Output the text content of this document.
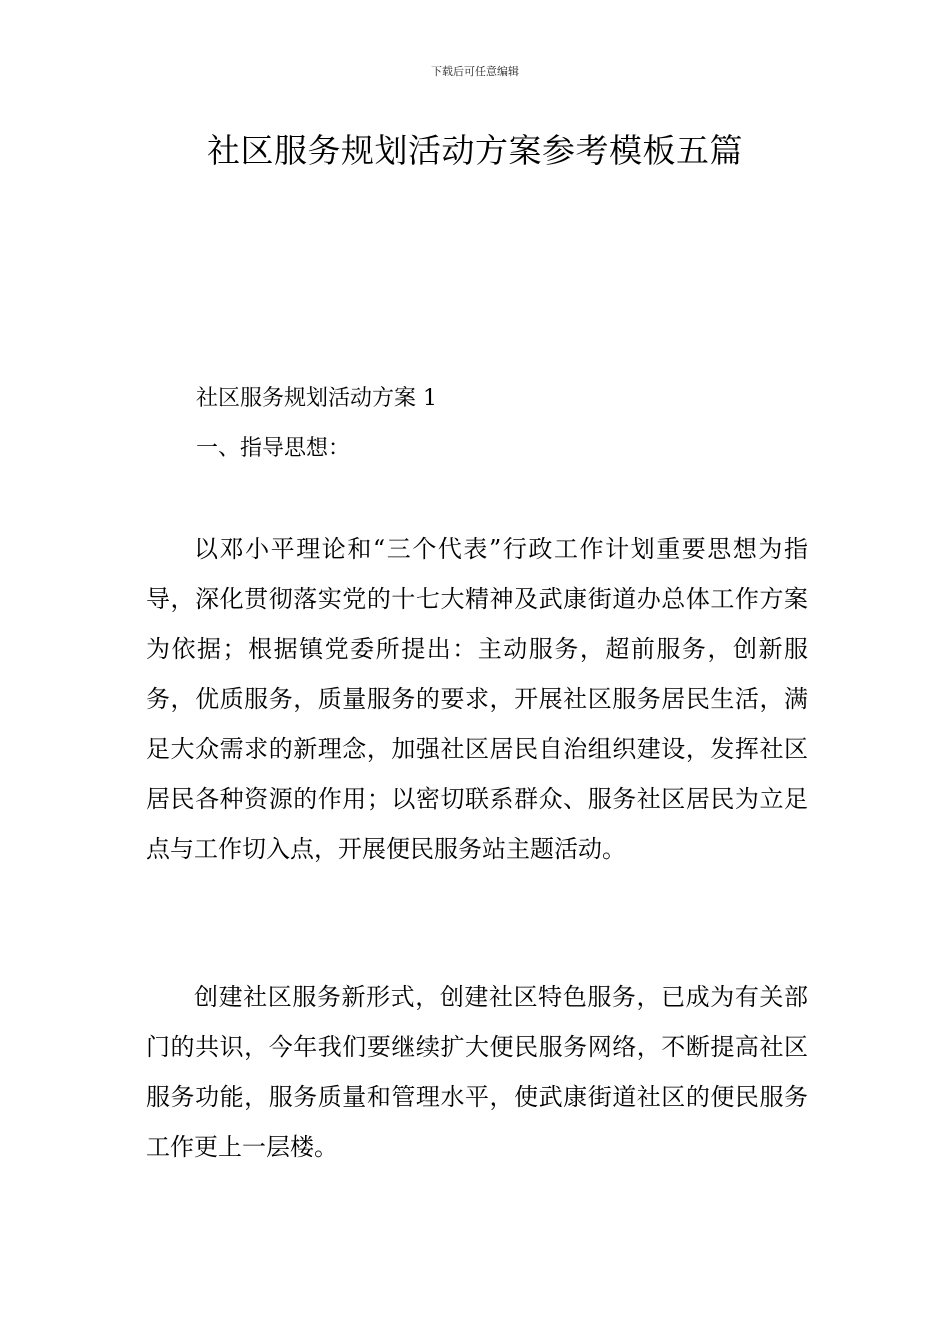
下载后可任意编辑
社区服务规划活动方案参考模板五篇
社区服务规划活动方案 1
一、指导思想：

以邓小平理论和“三个代表”行政工作计划重要思想为指导，深化贯彻落实党的十七大精神及武康街道办总体工作方案为依据；根据镇党委所提出：主动服务，超前服务，创新服务，优质服务，质量服务的要求，开展社区服务居民生活，满足大众需求的新理念，加强社区居民自治组织建设，发挥社区居民各种资源的作用；以密切联系群众、服务社区居民为立足点与工作切入点，开展便民服务站主题活动。

创建社区服务新形式，创建社区特色服务，已成为有关部门的共识，今年我们要继续扩大便民服务网络，不断提高社区服务功能，服务质量和管理水平，使武康街道社区的便民服务工作更上一层楼。
